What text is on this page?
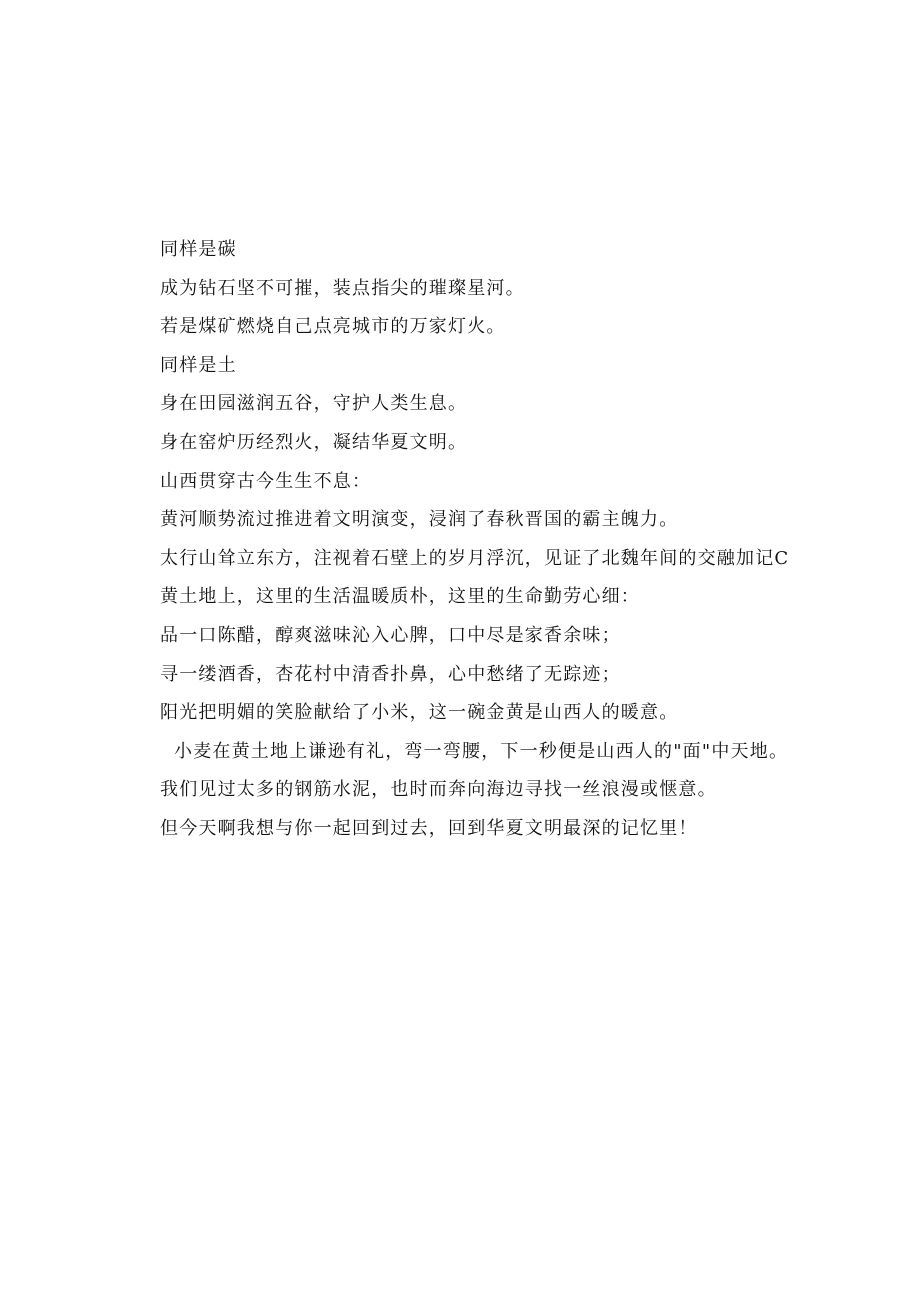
同样是碳
成为钻石坚不可摧，装点指尖的璀璨星河。
若是煤矿燃烧自己点亮城市的万家灯火。
同样是土
身在田园滋润五谷，守护人类生息。
身在窑炉历经烈火，凝结华夏文明。
山西贯穿古今生生不息：
黄河顺势流过推进着文明演变，浸润了春秋晋国的霸主魄力。
太行山耸立东方，注视着石壁上的岁月浮沉，见证了北魏年间的交融加记C
黄土地上，这里的生活温暖质朴，这里的生命勤劳心细：
品一口陈醋，醇爽滋味沁入心脾，口中尽是家香余味；
寻一缕酒香，杏花村中清香扑鼻，心中愁绪了无踪迹；
阳光把明媚的笑脸献给了小米，这一碗金黄是山西人的暖意。
小麦在黄土地上谦逊有礼，弯一弯腰，下一秒便是山西人的"面"中天地。
我们见过太多的钢筋水泥，也时而奔向海边寻找一丝浪漫或惬意。
但今天啊我想与你一起回到过去，回到华夏文明最深的记忆里！
